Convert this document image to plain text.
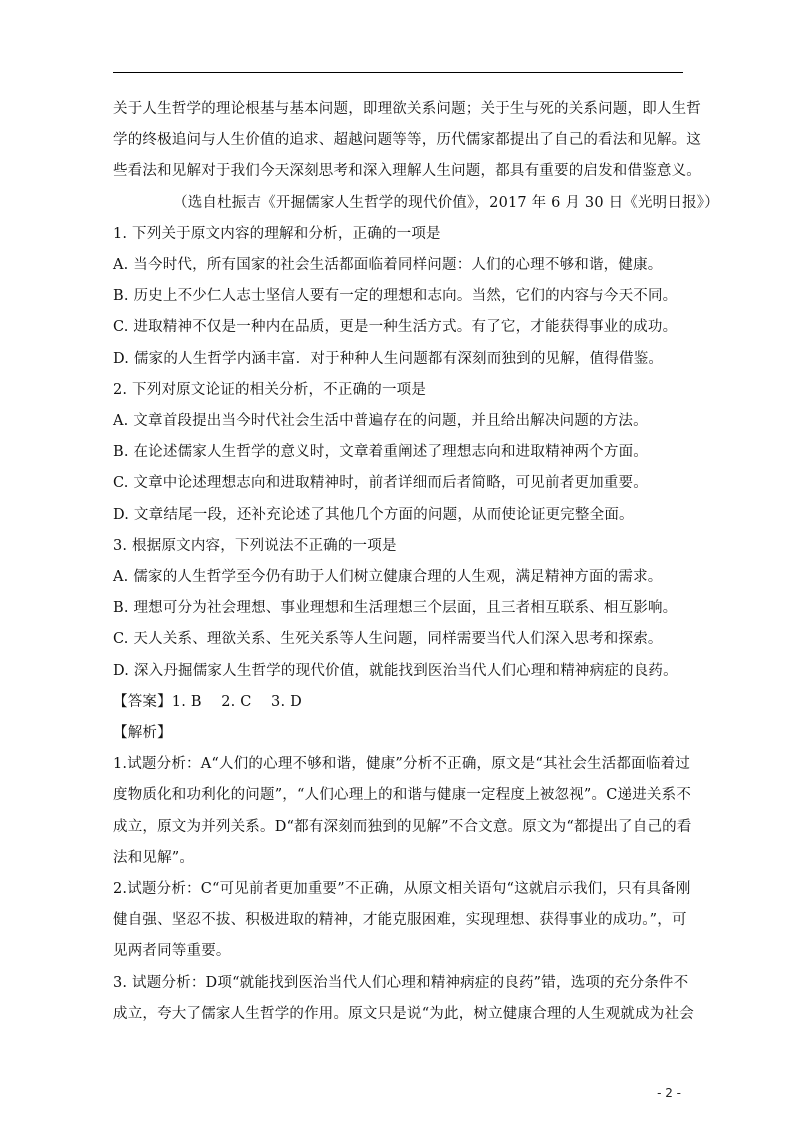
关于人生哲学的理论根基与基本问题，即理欲关系问题；关于生与死的关系问题，即人生哲
学的终极追问与人生价值的追求、超越问题等等，历代儒家都提出了自己的看法和见解。这
些看法和见解对于我们今天深刻思考和深入理解人生问题，都具有重要的启发和借鉴意义。
（选自杜振吉《开掘儒家人生哲学的现代价值》，2017 年 6 月 30 日《光明日报》）
1. 下列关于原文内容的理解和分析，正确的一项是
A. 当今时代，所有国家的社会生活都面临着同样问题：人们的心理不够和谐，健康。
B. 历史上不少仁人志士坚信人要有一定的理想和志向。当然，它们的内容与今天不同。
C. 进取精神不仅是一种内在品质，更是一种生活方式。有了它，才能获得事业的成功。
D. 儒家的人生哲学内涵丰富．对于种种人生问题都有深刻而独到的见解，值得借鉴。
2. 下列对原文论证的相关分析，不正确的一项是
A. 文章首段提出当今时代社会生活中普遍存在的问题，并且给出解决问题的方法。
B. 在论述儒家人生哲学的意义时，文章着重阐述了理想志向和进取精神两个方面。
C. 文章中论述理想志向和进取精神时，前者详细而后者简略，可见前者更加重要。
D. 文章结尾一段，还补充论述了其他几个方面的问题，从而使论证更完整全面。
3. 根据原文内容，下列说法不正确的一项是
A. 儒家的人生哲学至今仍有助于人们树立健康合理的人生观，满足精神方面的需求。
B. 理想可分为社会理想、事业理想和生活理想三个层面，且三者相互联系、相互影响。
C. 天人关系、理欲关系、生死关系等人生问题，同样需要当代人们深入思考和探索。
D. 深入丹掘儒家人生哲学的现代价值，就能找到医治当代人们心理和精神病症的良药。
【答案】1. B　 2. C　 3. D
【解析】
1.试题分析：A“人们的心理不够和谐，健康”分析不正确，原文是“其社会生活都面临着过
度物质化和功利化的问题”，“人们心理上的和谐与健康一定程度上被忽视”。C递进关系不
成立，原文为并列关系。D“都有深刻而独到的见解”不合文意。原文为“都提出了自己的看
法和见解”。
2.试题分析：C“可见前者更加重要”不正确，从原文相关语句“这就启示我们，只有具备刚
健自强、坚忍不拔、积极进取的精神，才能克服困难，实现理想、获得事业的成功。”，可
见两者同等重要。
3. 试题分析：D项“就能找到医治当代人们心理和精神病症的良药”错，选项的充分条件不
成立，夸大了儒家人生哲学的作用。原文只是说“为此，树立健康合理的人生观就成为社会
- 2 -
